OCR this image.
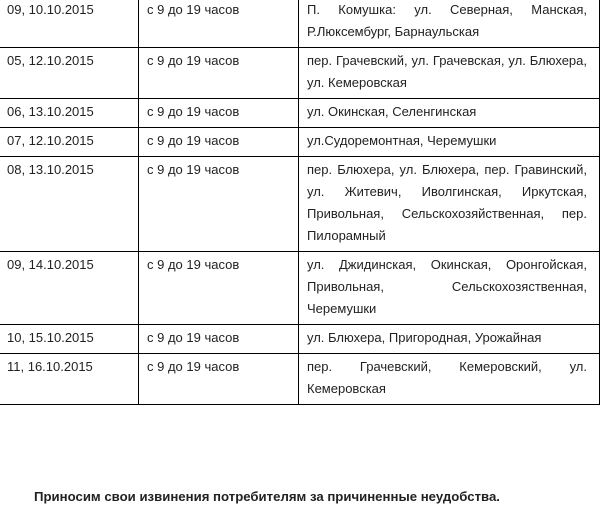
09, 10.10.2015	с 9 до 19 часов	П. Комушка: ул. Северная, Манская, Р.Люксембург, Барнаульская
05, 12.10.2015	с 9 до 19 часов	пер. Грачевский, ул. Грачевская, ул. Блюхера, ул. Кемеровская
06, 13.10.2015	с 9 до 19 часов	ул. Окинская, Селенгинская
07, 12.10.2015	с 9 до 19 часов	ул.Судоремонтная, Черемушки
08, 13.10.2015	с 9 до 19 часов	пер. Блюхера, ул. Блюхера, пер. Гравинский, ул. Житевич, Иволгинская, Иркутская, Привольная, Сельскохозяйственная, пер. Пилорамный
09, 14.10.2015	с 9 до 19 часов	ул. Джидинская, Окинская, Оронгойская, Привольная, Сельскохозяственная, Черемушки
10, 15.10.2015	с 9 до 19 часов	ул. Блюхера, Пригородная, Урожайная
11, 16.10.2015	с 9 до 19 часов	пер. Грачевский, Кемеровский, ул. Кемеровская
Приносим свои извинения потребителям за причиненные неудобства.
